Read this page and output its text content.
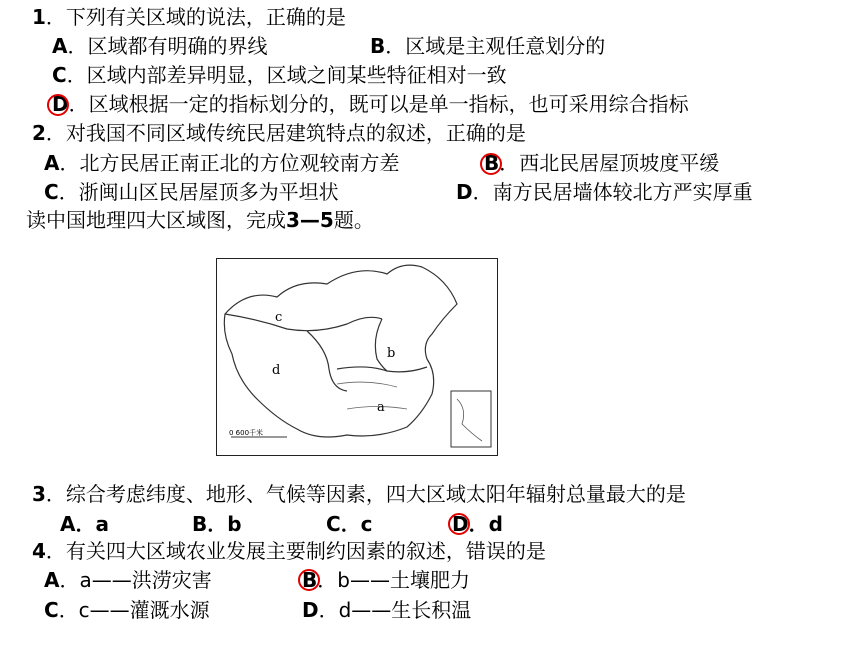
1．下列有关区域的说法，正确的是
A．区域都有明确的界线	B．区域是主观任意划分的
C．区域内部差异明显，区域之间某些特征相对一致
D．区域根据一定的指标划分的，既可以是单一指标，也可采用综合指标
2．对我国不同区域传统民居建筑特点的叙述，正确的是
A．北方民居正南正北的方位观较南方差	B．西北民居屋顶坡度平缓
C．浙闽山区民居屋顶多为平坦状	D．南方民居墙体较北方严实厚重
读中国地理四大区域图，完成3—5题。
a
b
c
d
0 600千米
3．综合考虑纬度、地形、气候等因素，四大区域太阳年辐射总量最大的是
A．a	B．b	C．c	D．d
4．有关四大区域农业发展主要制约因素的叙述，错误的是
A．a——洪涝灾害	B．b——土壤肥力
C．c——灌溉水源	D．d——生长积温
